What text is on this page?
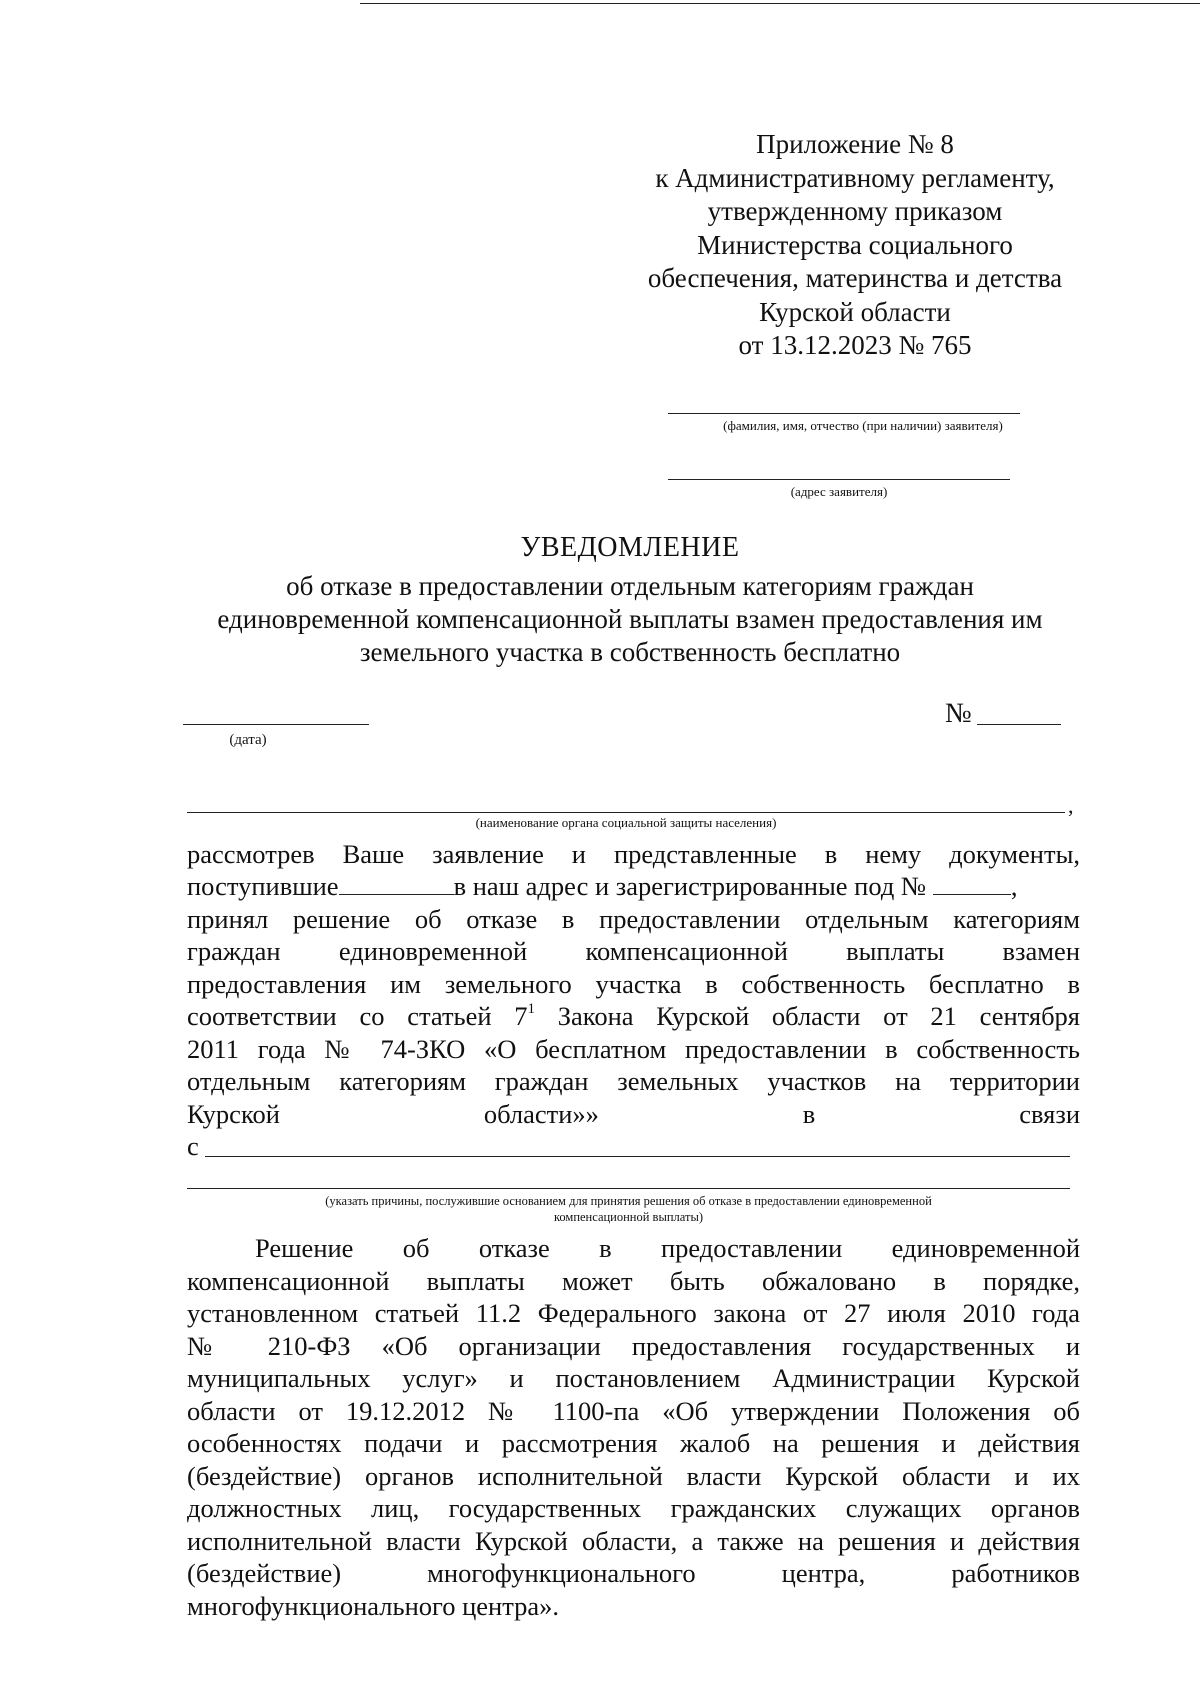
Приложение № 8
к Административному регламенту,
утвержденному приказом
Министерства социального
обеспечения, материнства и детства
Курской области
от 13.12.2023 № 765
(фамилия, имя, отчество (при наличии) заявителя)
(адрес заявителя)
УВЕДОМЛЕНИЕ
об отказе в предоставлении отдельным категориям граждан
единовременной компенсационной выплаты взамен предоставления им
земельного участка в собственность бесплатно
(дата)
№
,
(наименование органа социальной защиты населения)
рассмотрев Ваше заявление и представленные в нему документы,
поступившие	в наш адрес и зарегистрированные под №	,
принял решение об отказе в предоставлении отдельным категориям
граждан единовременной компенсационной выплаты взамен
предоставления им земельного участка в собственность бесплатно в
соответствии со статьей $7^1$ Закона Курской области от 21 сентября
2011 года № 74-ЗКО «О бесплатном предоставлении в собственность
отдельным категориям граждан земельных участков на территории
Курской области»» в связи
с
(указать причины, послужившие основанием для принятия решения об отказе в предоставлении единовременной
компенсационной выплаты)
Решение об отказе в предоставлении единовременной
компенсационной выплаты может быть обжаловано в порядке,
установленном статьей 11.2 Федерального закона от 27 июля 2010 года
№ 210-ФЗ «Об организации предоставления государственных и
муниципальных услуг» и постановлением Администрации Курской
области от 19.12.2012 № 1100-па «Об утверждении Положения об
особенностях подачи и рассмотрения жалоб на решения и действия
(бездействие) органов исполнительной власти Курской области и их
должностных лиц, государственных гражданских служащих органов
исполнительной власти Курской области, а также на решения и действия
(бездействие) многофункционального центра, работников
многофункционального центра».
